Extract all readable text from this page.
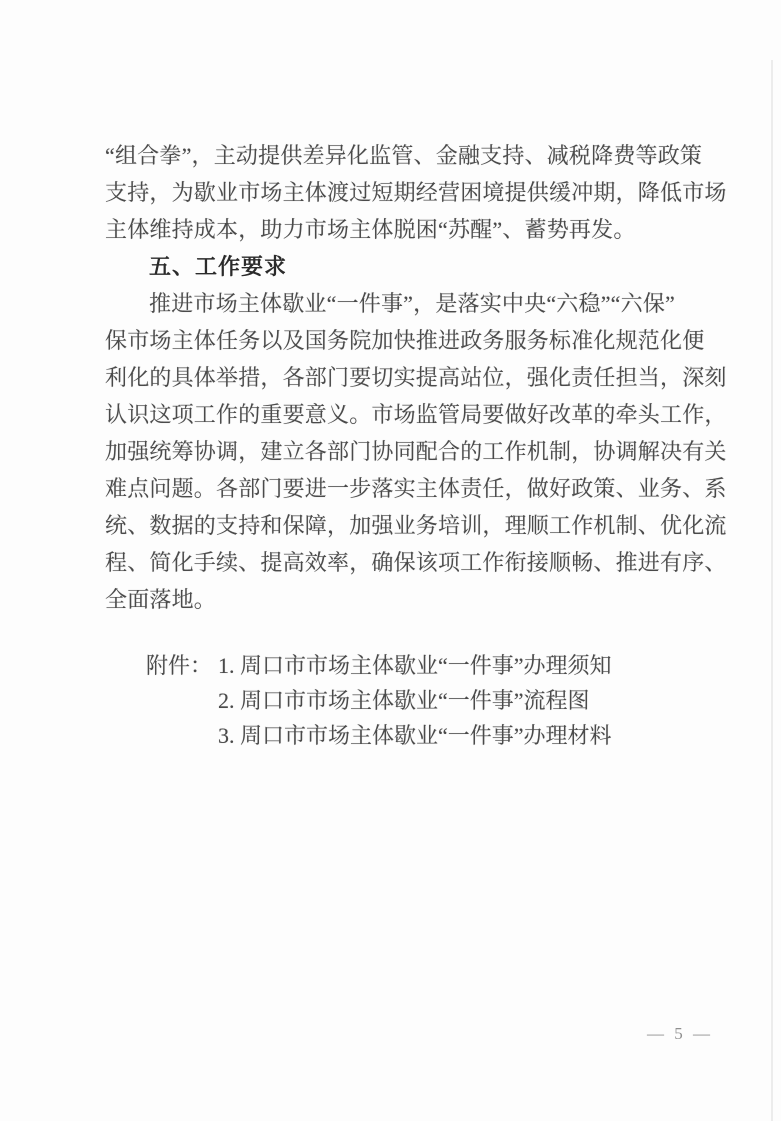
“组合拳”，主动提供差异化监管、金融支持、减税降费等政策
支持，为歇业市场主体渡过短期经营困境提供缓冲期，降低市场
主体维持成本，助力市场主体脱困“苏醒”、蓄势再发。
五、工作要求
推进市场主体歇业“一件事”，是落实中央“六稳”“六保”
保市场主体任务以及国务院加快推进政务服务标准化规范化便
利化的具体举措，各部门要切实提高站位，强化责任担当，深刻
认识这项工作的重要意义。市场监管局要做好改革的牵头工作，
加强统筹协调，建立各部门协同配合的工作机制，协调解决有关
难点问题。各部门要进一步落实主体责任，做好政策、业务、系
统、数据的支持和保障，加强业务培训，理顺工作机制、优化流
程、简化手续、提高效率，确保该项工作衔接顺畅、推进有序、
全面落地。
附件： 1. 周口市市场主体歇业“一件事”办理须知
2. 周口市市场主体歇业“一件事”流程图
3. 周口市市场主体歇业“一件事”办理材料
— 5 —
